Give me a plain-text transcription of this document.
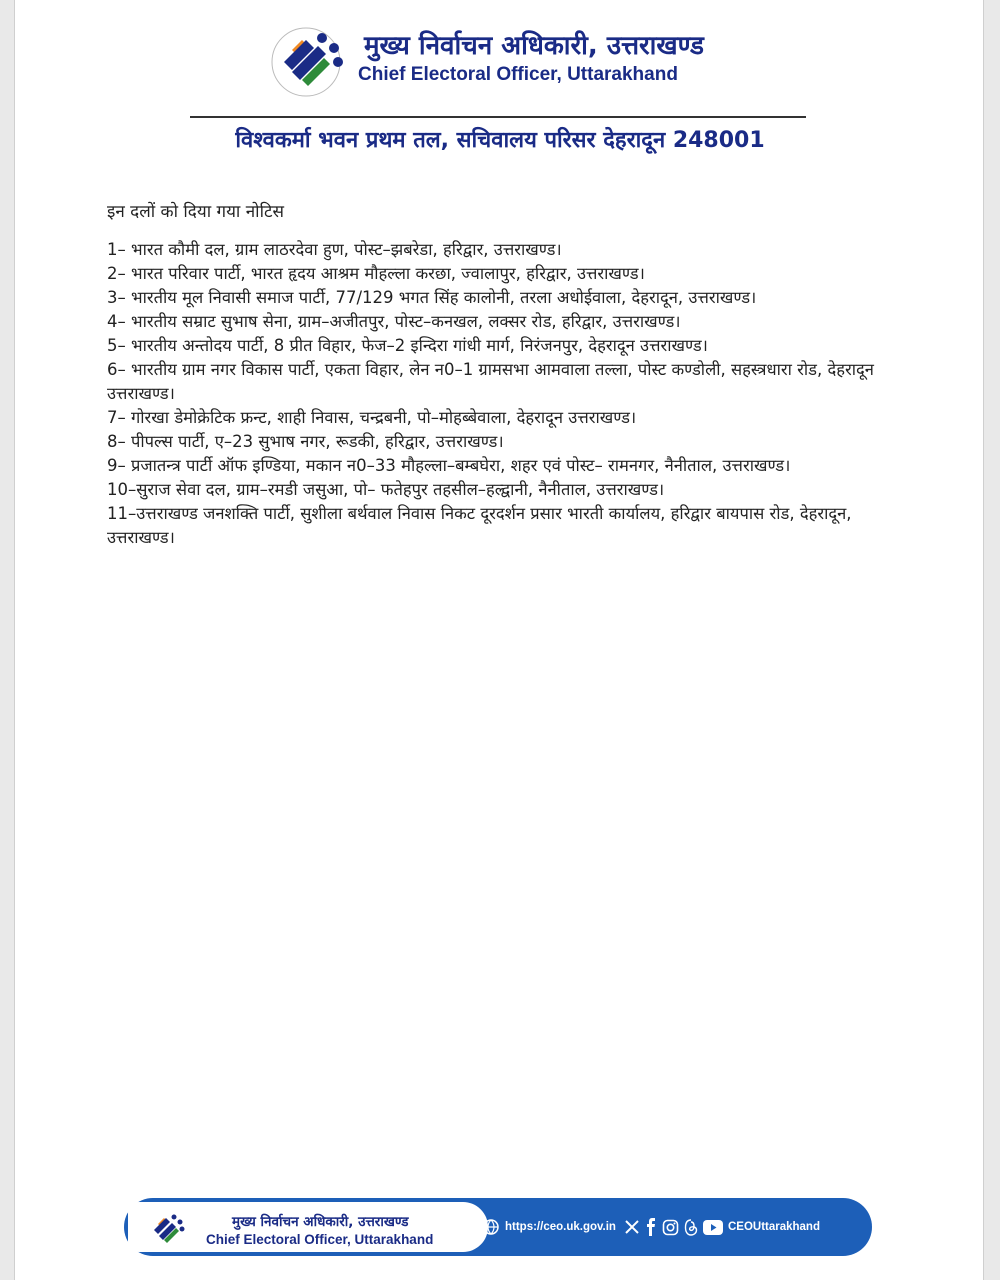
मुख्य निर्वाचन अधिकारी, उत्तराखण्ड
Chief Electoral Officer, Uttarakhand
विश्वकर्मा भवन प्रथम तल, सचिवालय परिसर देहरादून 248001

इन दलों को दिया गया नोटिस

1– भारत कौमी दल, ग्राम लाठरदेवा हुण, पोस्ट–झबरेडा, हरिद्वार, उत्तराखण्ड।

2– भारत परिवार पार्टी, भारत हृदय आश्रम मौहल्ला करछा, ज्वालापुर, हरिद्वार, उत्तराखण्ड।

3– भारतीय मूल निवासी समाज पार्टी, 77/129 भगत सिंह कालोनी, तरला अधोईवाला, देहरादून, उत्तराखण्ड।

4– भारतीय सम्राट सुभाष सेना, ग्राम–अजीतपुर, पोस्ट–कनखल, लक्सर रोड, हरिद्वार, उत्तराखण्ड।

5– भारतीय अन्तोदय पार्टी, 8 प्रीत विहार, फेज–2 इन्दिरा गांधी मार्ग, निरंजनपुर, देहरादून उत्तराखण्ड।

6– भारतीय ग्राम नगर विकास पार्टी, एकता विहार, लेन न0–1 ग्रामसभा आमवाला तल्ला, पोस्ट कण्डोली, सहस्त्रधारा रोड, देहरादून उत्तराखण्ड।

7– गोरखा डेमोक्रेटिक फ्रन्ट, शाही निवास, चन्द्रबनी, पो–मोहब्बेवाला, देहरादून उत्तराखण्ड।

8– पीपल्स पार्टी, ए–23 सुभाष नगर, रूडकी, हरिद्वार, उत्तराखण्ड।

9– प्रजातन्त्र पार्टी ऑफ इण्डिया, मकान न0–33 मौहल्ला–बम्बघेरा, शहर एवं पोस्ट– रामनगर, नैनीताल, उत्तराखण्ड।

10–सुराज सेवा दल, ग्राम–रमडी जसुआ, पो– फतेहपुर तहसील–हल्द्वानी, नैनीताल, उत्तराखण्ड।

11–उत्तराखण्ड जनशक्ति पार्टी, सुशीला बर्थवाल निवास निकट दूरदर्शन प्रसार भारती कार्यालय, हरिद्वार बायपास रोड, देहरादून, उत्तराखण्ड।

मुख्य निर्वाचन अधिकारी, उत्तराखण्ड
Chief Electoral Officer, Uttarakhand
https://ceo.uk.gov.in	CEOUttarakhand
